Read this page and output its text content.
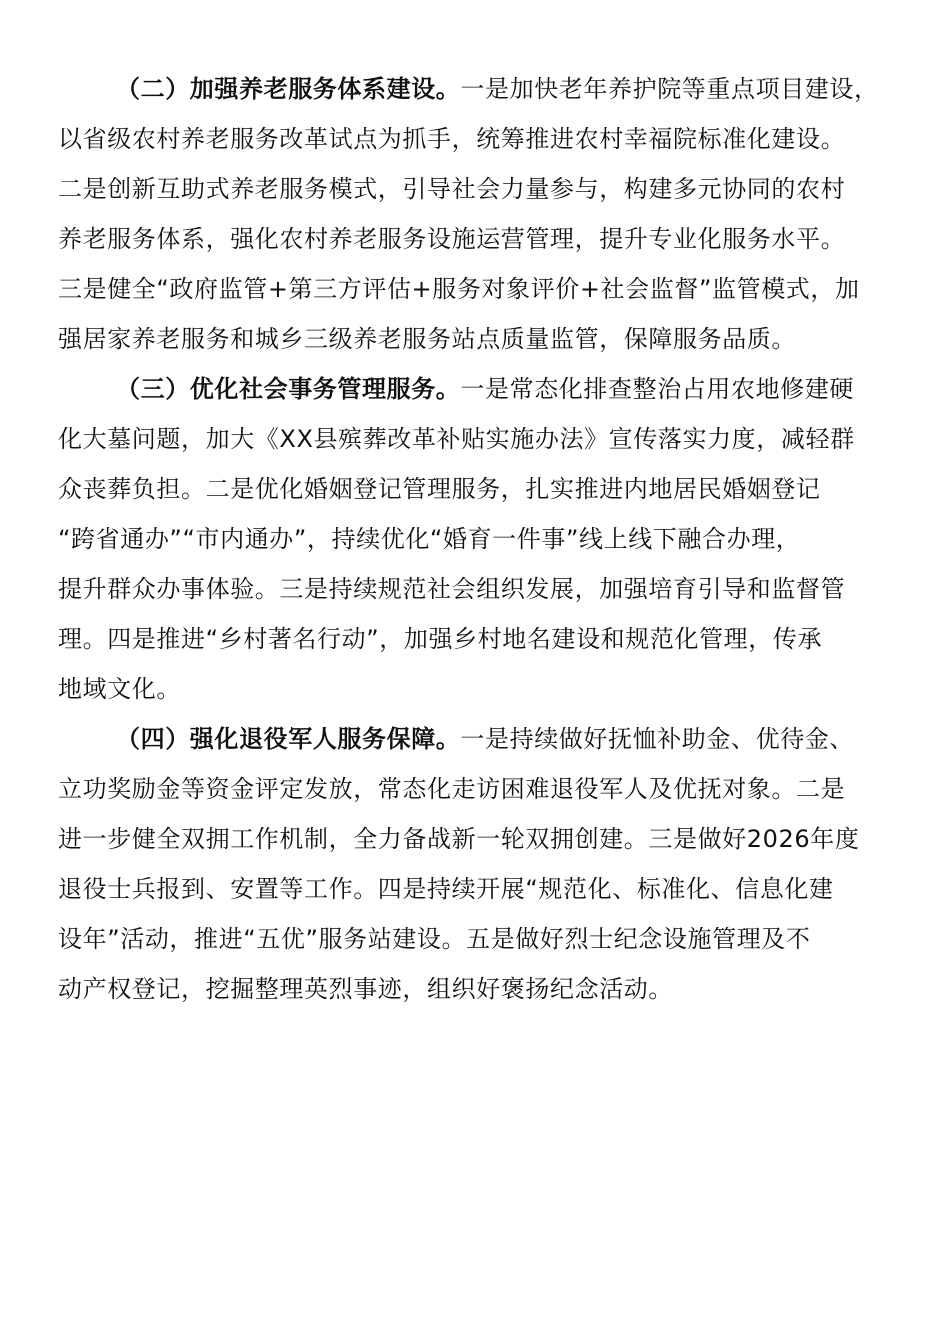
（二）加强养老服务体系建设。一是加快老年养护院等重点项目建设，
以省级农村养老服务改革试点为抓手，统筹推进农村幸福院标准化建设。
二是创新互助式养老服务模式，引导社会力量参与，构建多元协同的农村
养老服务体系，强化农村养老服务设施运营管理，提升专业化服务水平。
三是健全“政府监管+第三方评估+服务对象评价+社会监督”监管模式，加
强居家养老服务和城乡三级养老服务站点质量监管，保障服务品质。
（三）优化社会事务管理服务。一是常态化排查整治占用农地修建硬
化大墓问题，加大《XX县殡葬改革补贴实施办法》宣传落实力度，减轻群
众丧葬负担。二是优化婚姻登记管理服务，扎实推进内地居民婚姻登记
“跨省通办”“市内通办”，持续优化“婚育一件事”线上线下融合办理，
提升群众办事体验。三是持续规范社会组织发展，加强培育引导和监督管
理。四是推进“乡村著名行动”，加强乡村地名建设和规范化管理，传承
地域文化。
（四）强化退役军人服务保障。一是持续做好抚恤补助金、优待金、
立功奖励金等资金评定发放，常态化走访困难退役军人及优抚对象。二是
进一步健全双拥工作机制，全力备战新一轮双拥创建。三是做好2026年度
退役士兵报到、安置等工作。四是持续开展“规范化、标准化、信息化建
设年”活动，推进“五优”服务站建设。五是做好烈士纪念设施管理及不
动产权登记，挖掘整理英烈事迹，组织好褒扬纪念活动。
